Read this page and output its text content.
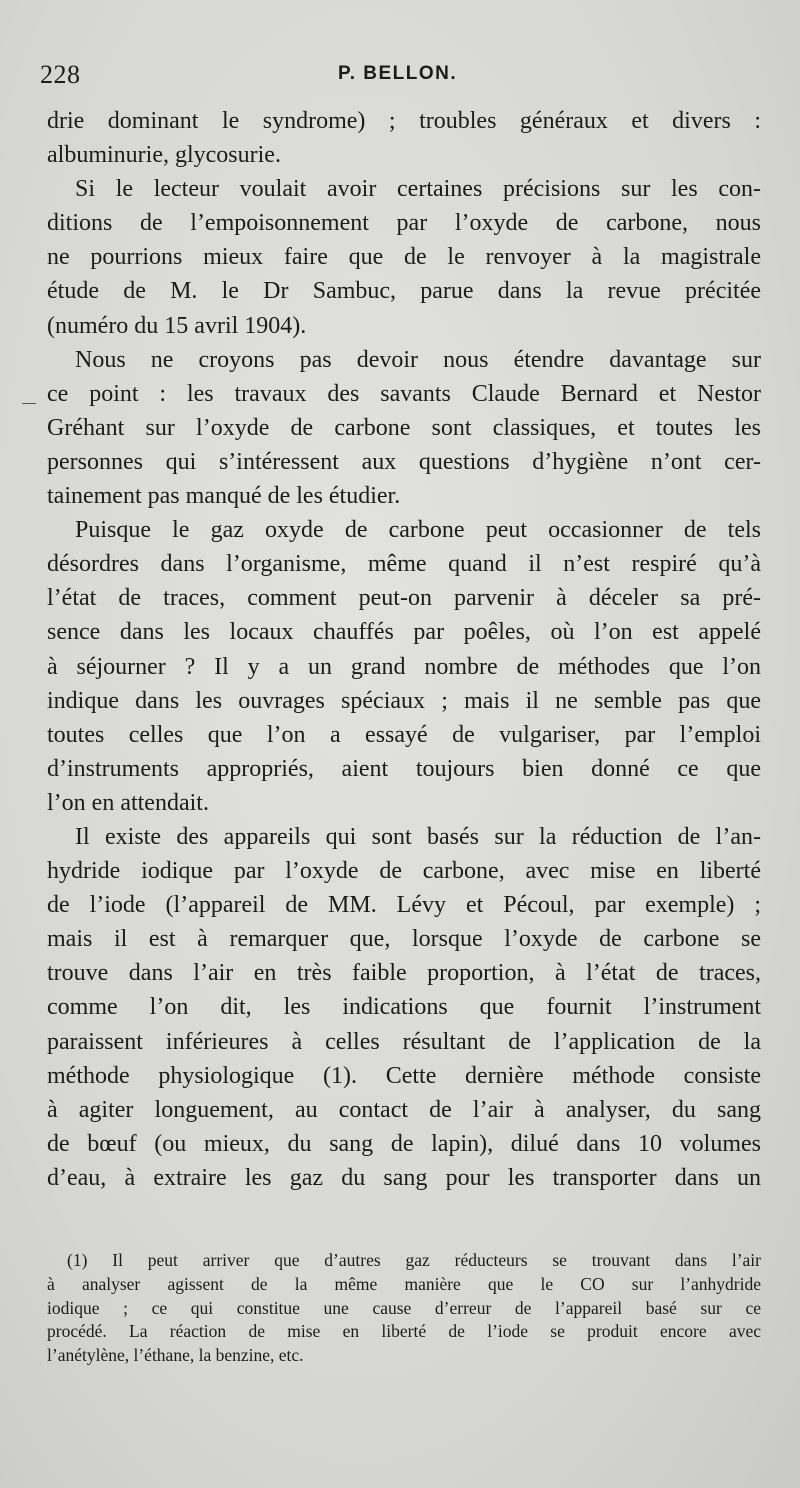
228	P. BELLON.
drie dominant le syndrome) ; troubles généraux et divers :
albuminurie, glycosurie.
Si le lecteur voulait avoir certaines précisions sur les con-
ditions de l’empoisonnement par l’oxyde de carbone, nous
ne pourrions mieux faire que de le renvoyer à la magistrale
étude de M. le Dr Sambuc, parue dans la revue précitée
(numéro du 15 avril 1904).
Nous ne croyons pas devoir nous étendre davantage sur
ce point : les travaux des savants Claude Bernard et Nestor
Gréhant sur l’oxyde de carbone sont classiques, et toutes les
personnes qui s’intéressent aux questions d’hygiène n’ont cer-
tainement pas manqué de les étudier.
Puisque le gaz oxyde de carbone peut occasionner de tels
désordres dans l’organisme, même quand il n’est respiré qu’à
l’état de traces, comment peut-on parvenir à déceler sa pré-
sence dans les locaux chauffés par poêles, où l’on est appelé
à séjourner ? Il y a un grand nombre de méthodes que l’on
indique dans les ouvrages spéciaux ; mais il ne semble pas que
toutes celles que l’on a essayé de vulgariser, par l’emploi
d’instruments appropriés, aient toujours bien donné ce que
l’on en attendait.
Il existe des appareils qui sont basés sur la réduction de l’an-
hydride iodique par l’oxyde de carbone, avec mise en liberté
de l’iode (l’appareil de MM. Lévy et Pécoul, par exemple) ;
mais il est à remarquer que, lorsque l’oxyde de carbone se
trouve dans l’air en très faible proportion, à l’état de traces,
comme l’on dit, les indications que fournit l’instrument
paraissent inférieures à celles résultant de l’application de la
méthode physiologique (1). Cette dernière méthode consiste
à agiter longuement, au contact de l’air à analyser, du sang
de bœuf (ou mieux, du sang de lapin), dilué dans 10 volumes
d’eau, à extraire les gaz du sang pour les transporter dans un
(1) Il peut arriver que d’autres gaz réducteurs se trouvant dans l’air
à analyser agissent de la même manière que le CO sur l’anhydride
iodique ; ce qui constitue une cause d’erreur de l’appareil basé sur ce
procédé. La réaction de mise en liberté de l’iode se produit encore avec
l’anétylène, l’éthane, la benzine, etc.
